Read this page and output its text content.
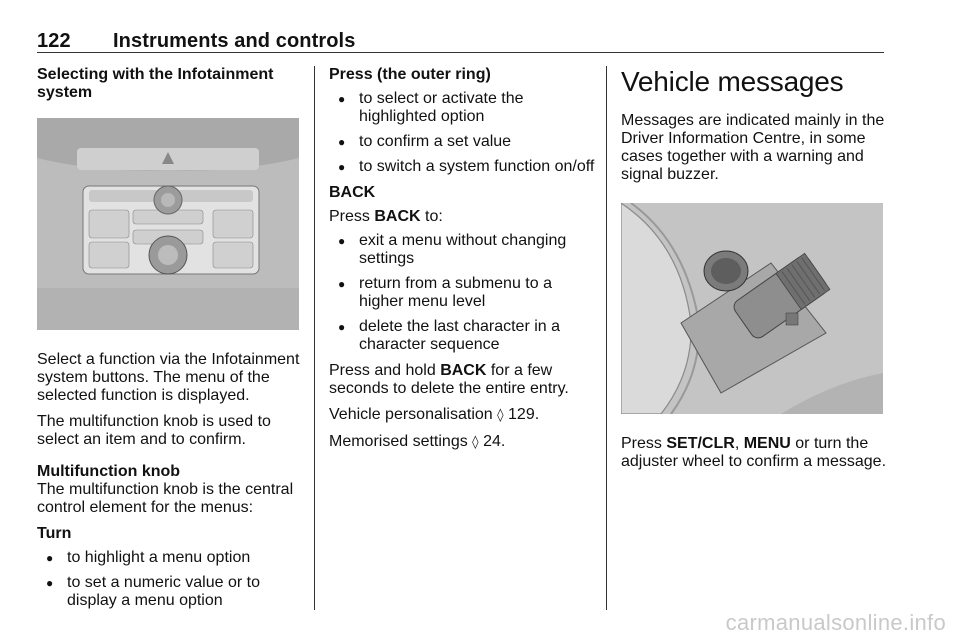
122 Instruments and controls

Selecting with the Infotainment system

Select a function via the Infotainment system buttons. The menu of the selected function is displayed.

The multifunction knob is used to select an item and to confirm.

Multifunction knob

The multifunction knob is the central control element for the menus:

Turn

● to highlight a menu option
● to set a numeric value or to display a menu option

Press (the outer ring)

● to select or activate the highlighted option
● to confirm a set value
● to switch a system function on/off

BACK

Press BACK to:

● exit a menu without changing settings
● return from a submenu to a higher menu level
● delete the last character in a character sequence

Press and hold BACK for a few seconds to delete the entire entry.

Vehicle personalisation ◊ 129.

Memorised settings ◊ 24.

Vehicle messages

Messages are indicated mainly in the Driver Information Centre, in some cases together with a warning and signal buzzer.

Press SET/CLR, MENU or turn the adjuster wheel to confirm a message.

carmanualsonline.info
